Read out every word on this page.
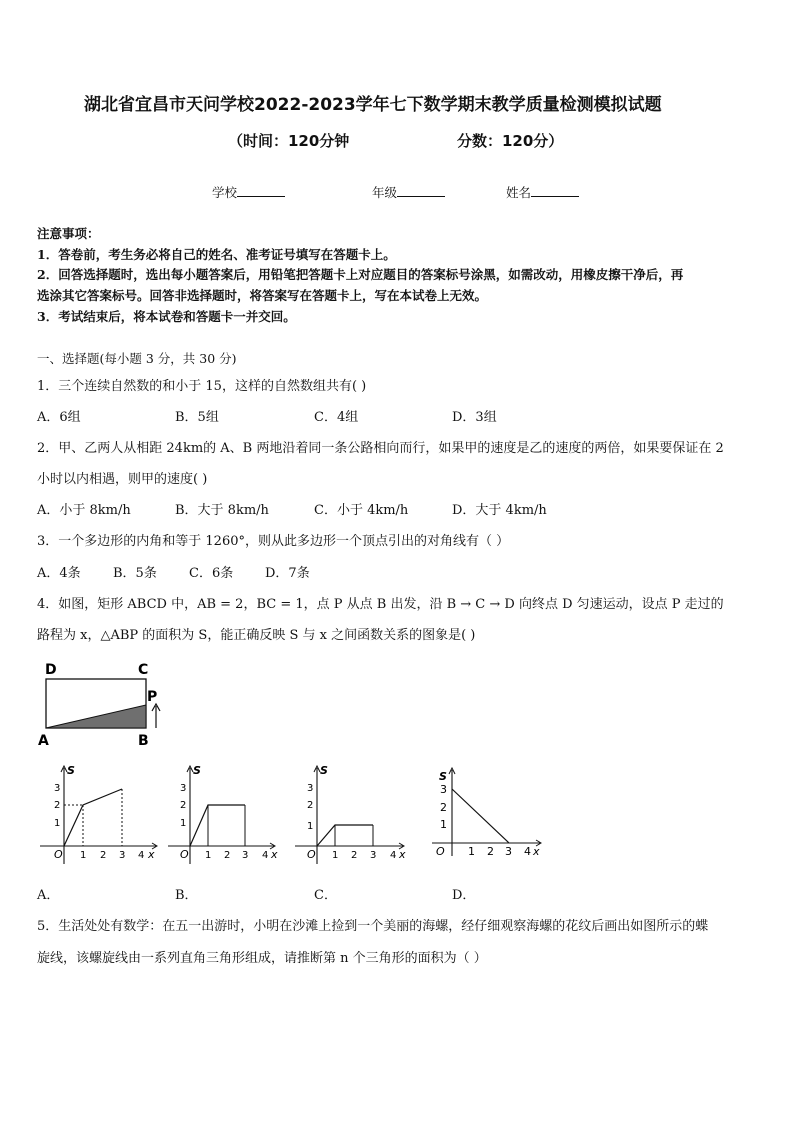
湖北省宜昌市天问学校2022-2023学年七下数学期末教学质量检测模拟试题
（时间：120分钟	分数：120分）
学校	年级	姓名
注意事项：
1．答卷前，考生务必将自己的姓名、准考证号填写在答题卡上。
2．回答选择题时，选出每小题答案后，用铅笔把答题卡上对应题目的答案标号涂黑，如需改动，用橡皮擦干净后，再
选涂其它答案标号。回答非选择题时，将答案写在答题卡上，写在本试卷上无效。
3．考试结束后，将本试卷和答题卡一并交回。
一、选择题(每小题 3 分，共 30 分)
1．三个连续自然数的和小于 15，这样的自然数组共有( )
A．6组	B．5组	C．4组	D．3组
2．甲、乙两人从相距 24km的 A、B 两地沿着同一条公路相向而行，如果甲的速度是乙的速度的两倍，如果要保证在 2
小时以内相遇，则甲的速度( )
A．小于 8km/h	B．大于 8km/h	C．小于 4km/h	D．大于 4km/h
3．一个多边形的内角和等于 1260°，则从此多边形一个顶点引出的对角线有（ ）
A．4条 B．5条 C．6条 D．7条
4．如图，矩形 ABCD 中，AB = 2，BC = 1，点 P 从点 B 出发，沿 B → C → D 向终点 D 匀速运动，设点 P 走过的
路程为 x，△ABP 的面积为 S，能正确反映 S 与 x 之间函数关系的图象是( )
D	C
P
A	B
S
3
2
1
O 1 2 3 4 x
S
3
2
1
O 1 2 3 4 x
S
3
2
1
O 1 2 3 4 x
S
3
2
1
O 1 2 3 4 x
A．	B．	C．	D．
5．生活处处有数学：在五一出游时，小明在沙滩上捡到一个美丽的海螺，经仔细观察海螺的花纹后画出如图所示的蝶
旋线，该螺旋线由一系列直角三角形组成，请推断第 n 个三角形的面积为（ ）
